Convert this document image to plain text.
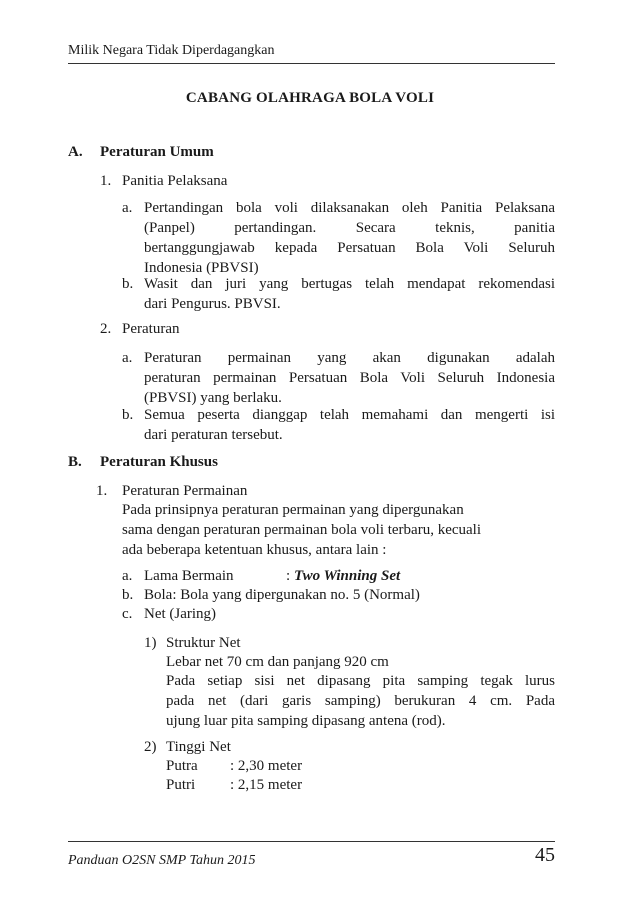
Milik Negara Tidak Diperdagangkan
CABANG OLAHRAGA BOLA VOLI
A. Peraturan Umum
1. Panitia Pelaksana
a. Pertandingan bola voli dilaksanakan oleh Panitia Pelaksana
(Panpel) pertandingan. Secara teknis, panitia
bertanggungjawab kepada Persatuan Bola Voli Seluruh
Indonesia (PBVSI)
b. Wasit dan juri yang bertugas telah mendapat rekomendasi
dari Pengurus. PBVSI.
2. Peraturan
a. Peraturan permainan yang akan digunakan adalah
peraturan permainan Persatuan Bola Voli Seluruh Indonesia
(PBVSI) yang berlaku.
b. Semua peserta dianggap telah memahami dan mengerti isi
dari peraturan tersebut.
B. Peraturan Khusus
1. Peraturan Permainan
Pada prinsipnya peraturan permainan yang dipergunakan
sama dengan peraturan permainan bola voli terbaru, kecuali
ada beberapa ketentuan khusus, antara lain :
a. Lama Bermain	: Two Winning Set
b. Bola: Bola yang dipergunakan no. 5 (Normal)
c. Net (Jaring)
1) Struktur Net
Lebar net 70 cm dan panjang 920 cm
Pada setiap sisi net dipasang pita samping tegak lurus
pada net (dari garis samping) berukuran 4 cm. Pada
ujung luar pita samping dipasang antena (rod).
2) Tinggi Net
Putra : 2,30 meter
Putri : 2,15 meter
Panduan O2SN SMP Tahun 2015	45
